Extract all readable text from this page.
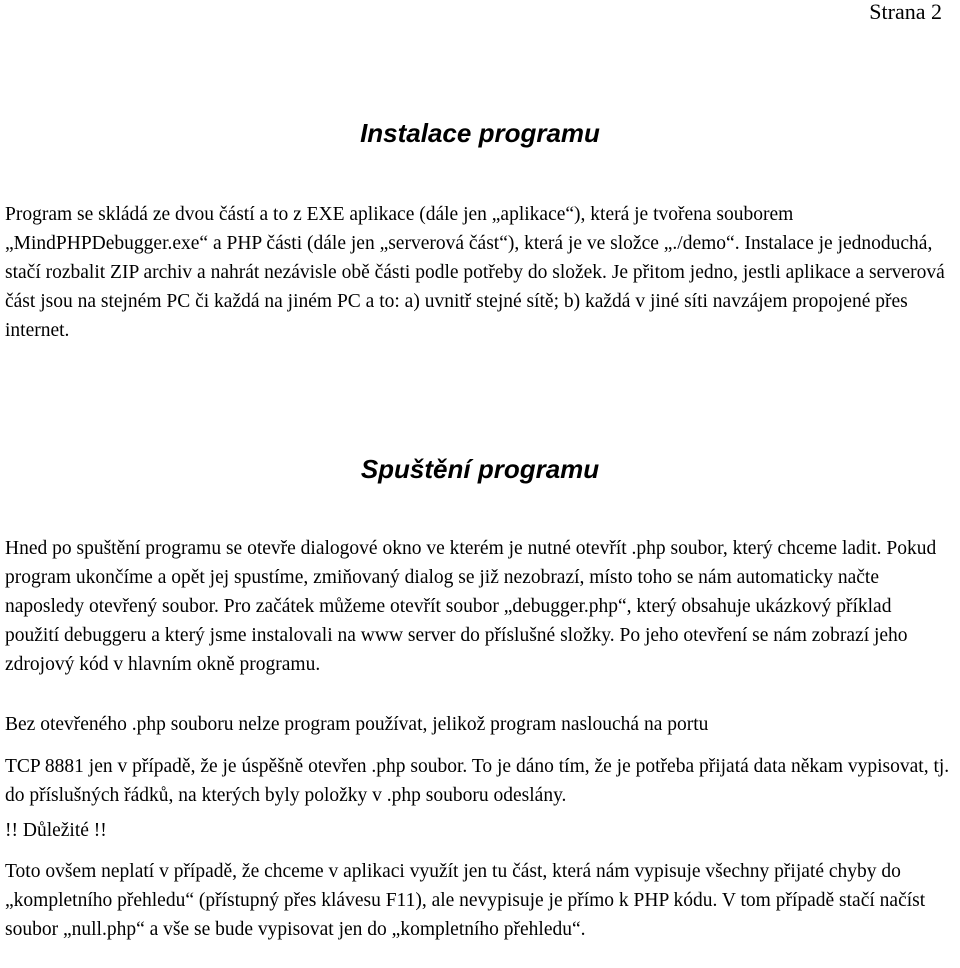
Strana 2
Instalace programu

Program se skládá ze dvou částí a to z EXE aplikace (dále jen „aplikace“), která je tvořena souborem „MindPHPDebugger.exe“ a PHP části (dále jen „serverová část“), která je ve složce „./demo“. Instalace je jednoduchá, stačí rozbalit ZIP archiv a nahrát nezávisle obě části podle potřeby do složek. Je přitom jedno, jestli aplikace a serverová část jsou na stejném PC či každá na jiném PC a to: a) uvnitř stejné sítě; b) každá v jiné síti navzájem propojené přes internet.

Spuštění programu

Hned po spuštění programu se otevře dialogové okno ve kterém je nutné otevřít .php soubor, který chceme ladit. Pokud program ukončíme a opět jej spustíme, zmiňovaný dialog se již nezobrazí, místo toho se nám automaticky načte naposledy otevřený soubor. Pro začátek můžeme otevřít soubor „debugger.php“, který obsahuje ukázkový příklad použití debuggeru a který jsme instalovali na www server do příslušné složky. Po jeho otevření se nám zobrazí jeho zdrojový kód v hlavním okně programu.

Bez otevřeného .php souboru nelze program používat, jelikož program naslouchá na portu

TCP 8881 jen v případě, že je úspěšně otevřen .php soubor. To je dáno tím, že je potřeba přijatá data někam vypisovat, tj. do příslušných řádků, na kterých byly položky v .php souboru odeslány.

!! Důležité !!

Toto ovšem neplatí v případě, že chceme v aplikaci využít jen tu část, která nám vypisuje všechny přijaté chyby do „kompletního přehledu“ (přístupný přes klávesu F11), ale nevypisuje je přímo k PHP kódu. V tom případě stačí načíst soubor „null.php“ a vše se bude vypisovat jen do „kompletního přehledu“.
